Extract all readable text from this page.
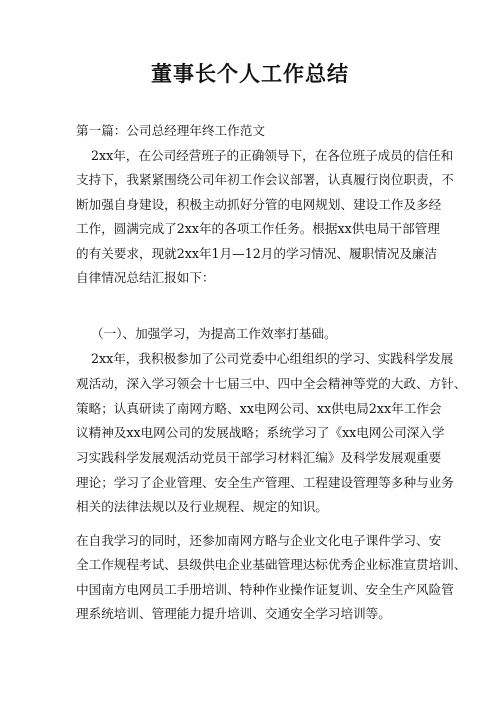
董事长个人工作总结
第一篇：公司总经理年终工作范文
2xx年，在公司经营班子的正确领导下，在各位班子成员的信任和
支持下，我紧紧围绕公司年初工作会议部署，认真履行岗位职责，不
断加强自身建设，积极主动抓好分管的电网规划、建设工作及多经
工作，圆满完成了2xx年的各项工作任务。根据xx供电局干部管理
的有关要求，现就2xx年1月—12月的学习情况、履职情况及廉洁
自律情况总结汇报如下：
（一）、加强学习，为提高工作效率打基础。
2xx年，我积极参加了公司党委中心组组织的学习、实践科学发展
观活动，深入学习领会十七届三中、四中全会精神等党的大政、方针、
策略；认真研读了南网方略、xx电网公司、xx供电局2xx年工作会
议精神及xx电网公司的发展战略；系统学习了《xx电网公司深入学
习实践科学发展观活动党员干部学习材料汇编》及科学发展观重要
理论；学习了企业管理、安全生产管理、工程建设管理等多种与业务
相关的法律法规以及行业规程、规定的知识。
在自我学习的同时，还参加南网方略与企业文化电子课件学习、安
全工作规程考试、县级供电企业基础管理达标优秀企业标准宣贯培训、
中国南方电网员工手册培训、特种作业操作证复训、安全生产风险管
理系统培训、管理能力提升培训、交通安全学习培训等。
